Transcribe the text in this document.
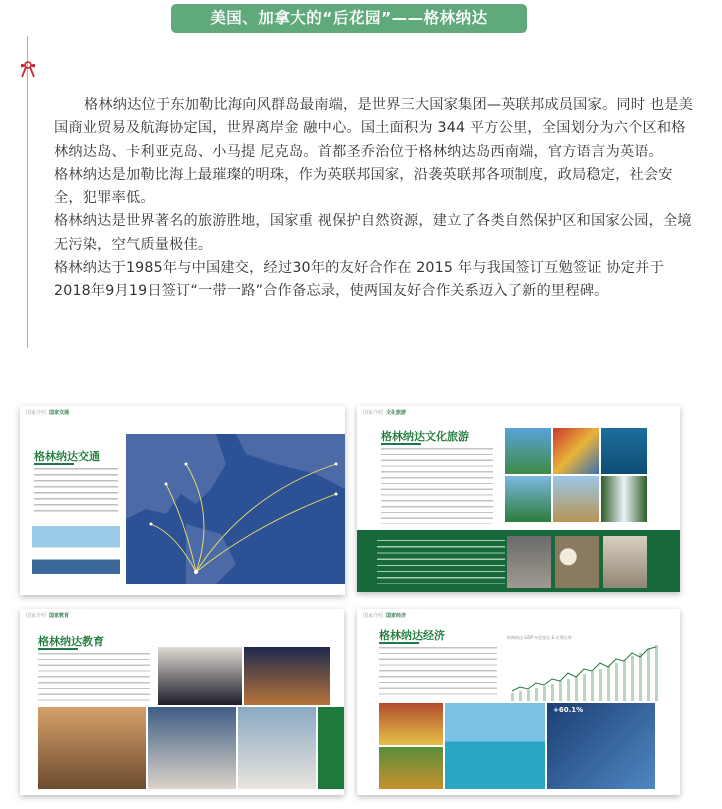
美国、加拿大的“后花园”——格林纳达

格林纳达位于东加勒比海向风群岛最南端，是世界三大国家集团—英联邦成员国家。同时 也是美国商业贸易及航海协定国，世界离岸金 融中心。国土面积为 344 平方公里，全国划分为六个区和格林纳达岛、卡利亚克岛、小马提 尼克岛。首都圣乔治位于格林纳达岛西南端，官方语言为英语。

格林纳达是加勒比海上最璀璨的明珠，作为英联邦国家，沿袭英联邦各项制度，政局稳定，社会安全，犯罪率低。

格林纳达是世界著名的旅游胜地，国家重 视保护自然资源，建立了各类自然保护区和国家公园，全境无污染，空气质量极佳。

格林纳达于1985年与中国建交，经过30年的友好合作在 2015 年与我国签订互勉签证 协定并于2018年9月19日签订“一带一路”合作备忘录，使两国友好合作关系迈入了新的里程碑。

国家介绍 国家交通
格林纳达交通
国家介绍 文化旅游
格林纳达文化旅游
国家介绍 国家教育
格林纳达教育
国家介绍 国家经济
格林纳达经济	格林纳达 GDP 年度变化 & 年增长率
+60.1%
